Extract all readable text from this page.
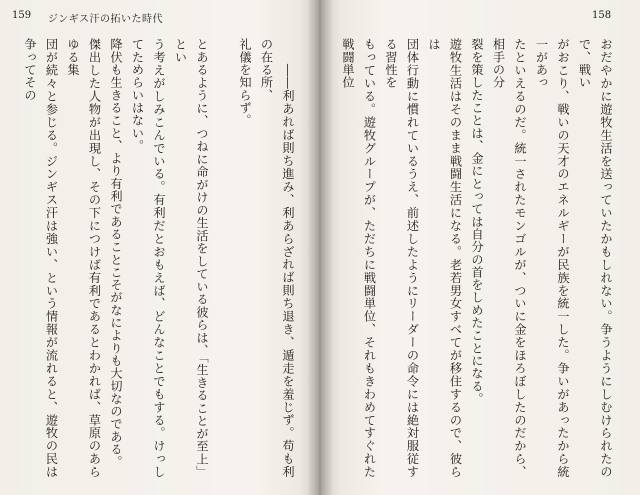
159 ジンギス汗の拓いた時代

　　――利あれば則ち進み、利あらざれば則ち退き、遁走を羞じず。苟も利の在る所、

礼儀を知らず。

とあるように、つねに命がけの生活をしている彼らは、「生きることが至上」とい

う考えがしみこんでいる。有利だとおもえば、どんなことでもする。けっしてためらいはない。

降伏も生きること、より有利であることこそがなによりも大切なのである。

傑出した人物が出現し、その下につけば有利であるとわかれば、草原のあらゆる集

団が続々と参じる。ジンギス汗は強い、という情報が流れると、遊牧の民は争ってその

158

おだやかに遊牧生活を送っていたかもしれない。争うようにしむけられたので、戦い

がおこり、戦いの天才のエネルギーが民族を統一した。争いがあったから統一があっ

たといえるのだ。統一されたモンゴルが、ついに金をほろぼしたのだから、相手の分

裂を策したことは、金にとっては自分の首をしめたことになる。

遊牧生活はそのまま戦闘生活になる。老若男女すべてが移住するので、彼らは

団体行動に慣れているうえ、前述したようにリーダーの命令には絶対服従する習性を

もっている。遊牧グループが、ただちに戦闘単位、それもきわめてすぐれた戦闘単位
